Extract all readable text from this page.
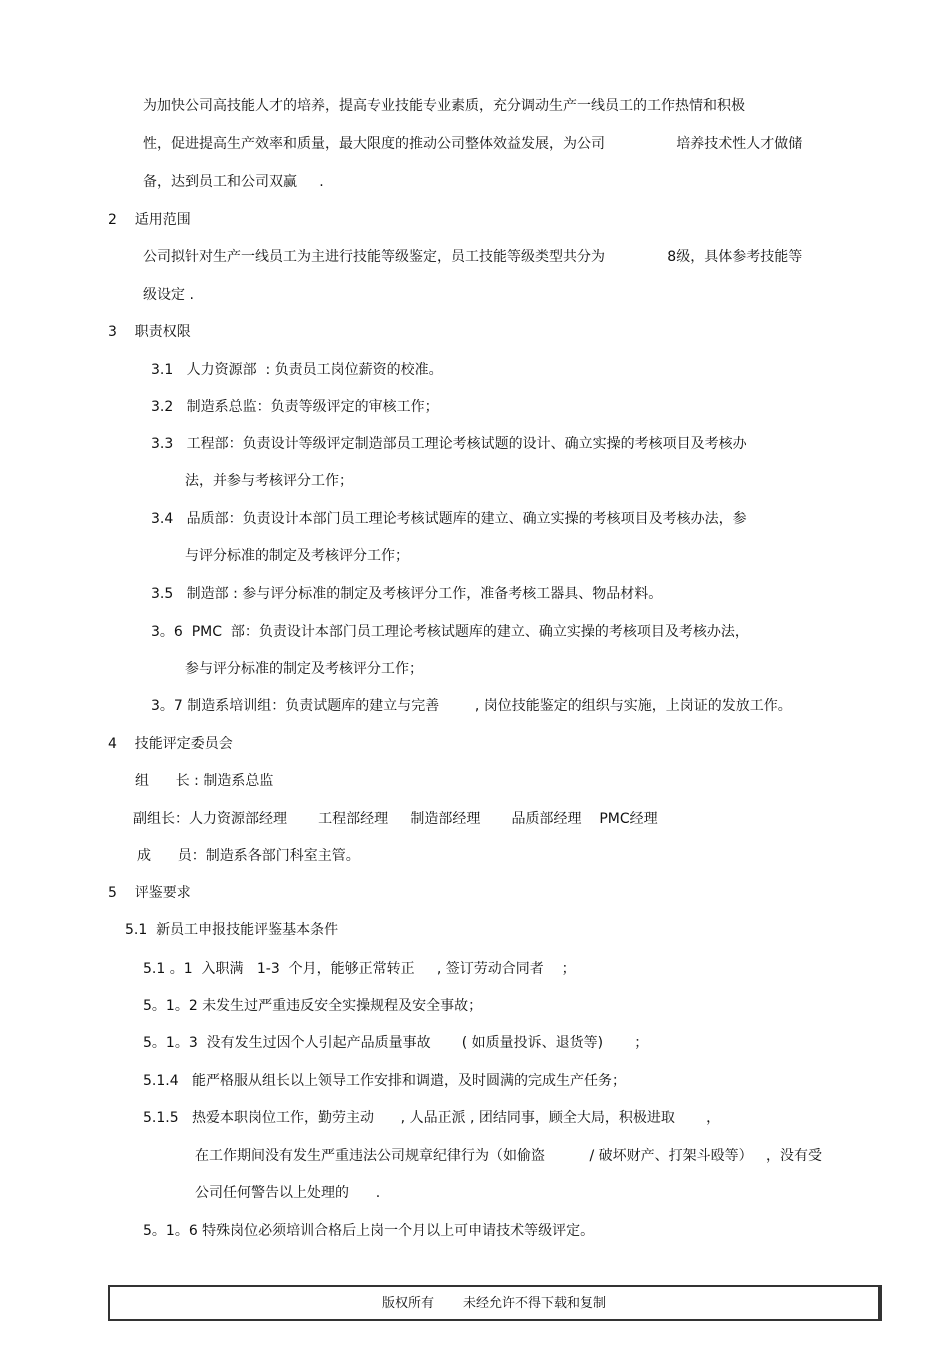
为加快公司高技能人才的培养，提高专业技能专业素质，充分调动生产一线员工的工作热情和积极
性，促进提高生产效率和质量，最大限度的推动公司整体效益发展，为公司                培养技术性人才做储
备，达到员工和公司双赢     .
2    适用范围
公司拟针对生产一线员工为主进行技能等级鉴定，员工技能等级类型共分为              8级，具体参考技能等
级设定 .
3    职责权限
3.1   人力资源部  : 负责员工岗位薪资的校准。
3.2   制造系总监：负责等级评定的审核工作；
3.3   工程部：负责设计等级评定制造部员工理论考核试题的设计、确立实操的考核项目及考核办
法，并参与考核评分工作；
3.4   品质部：负责设计本部门员工理论考核试题库的建立、确立实操的考核项目及考核办法，参
与评分标准的制定及考核评分工作；
3.5   制造部 : 参与评分标准的制定及考核评分工作，准备考核工器具、物品材料。
3。6  PMC  部：负责设计本部门员工理论考核试题库的建立、确立实操的考核项目及考核办法，
参与评分标准的制定及考核评分工作；
3。7 制造系培训组：负责试题库的建立与完善        , 岗位技能鉴定的组织与实施，上岗证的发放工作。
4    技能评定委员会
组      长 : 制造系总监
副组长：人力资源部经理       工程部经理     制造部经理       品质部经理    PMC经理
成      员：制造系各部门科室主管。
5    评鉴要求
5.1  新员工申报技能评鉴基本条件
5.1 。1  入职满   1-3  个月，能够正常转正     , 签订劳动合同者    ；
5。1。2 未发生过严重违反安全实操规程及安全事故；
5。1。3  没有发生过因个人引起产品质量事故       ( 如质量投诉、退货等)       ；
5.1.4   能严格服从组长以上领导工作安排和调遣，及时圆满的完成生产任务；
5.1.5   热爱本职岗位工作，勤劳主动      , 人品正派 , 团结同事，顾全大局，积极进取       ，
在工作期间没有发生严重违法公司规章纪律行为（如偷盗          / 破坏财产、打架斗殴等）   ，没有受
公司任何警告以上处理的      .
5。1。6 特殊岗位必须培训合格后上岗一个月以上可申请技术等级评定。
版权所有       未经允许不得下载和复制
